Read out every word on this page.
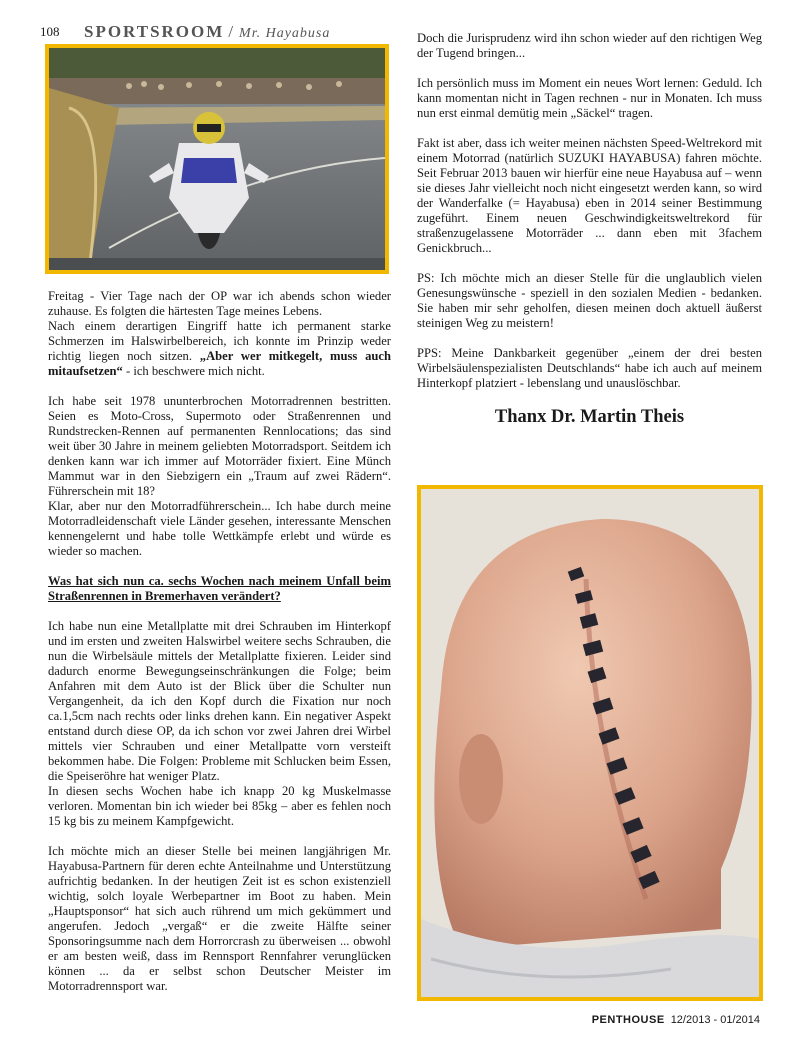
108 SPORTSROOM / Mr. Hayabusa

Freitag - Vier Tage nach der OP war ich abends schon wieder zuhause. Es folgten die härtesten Tage meines Lebens.

Nach einem derartigen Eingriff hatte ich permanent starke Schmerzen im Halswirbelbereich, ich konnte im Prinzip weder richtig liegen noch sitzen. „Aber wer mitkegelt, muss auch mitaufsetzen“ - ich beschwere mich nicht.

Ich habe seit 1978 ununterbrochen Motorradrennen bestritten. Seien es Moto-Cross, Supermoto oder Straßenrennen und Rundstrecken-Rennen auf permanenten Rennlocations; das sind weit über 30 Jahre in meinem geliebten Motorradsport. Seitdem ich denken kann war ich immer auf Motorräder fixiert. Eine Münch Mammut war in den Siebzigern ein „Traum auf zwei Rädern“. Führerschein mit 18?

Klar, aber nur den Motorradführerschein... Ich habe durch meine Motorradleidenschaft viele Länder gesehen, interessante Menschen kennengelernt und habe tolle Wettkämpfe erlebt und würde es wieder so machen.

Was hat sich nun ca. sechs Wochen nach meinem Unfall beim Straßenrennen in Bremerhaven verändert?

Ich habe nun eine Metallplatte mit drei Schrauben im Hinterkopf und im ersten und zweiten Halswirbel weitere sechs Schrauben, die nun die Wirbelsäule mittels der Metallplatte fixieren. Leider sind dadurch enorme Bewegungseinschränkungen die Folge; beim Anfahren mit dem Auto ist der Blick über die Schulter nun Vergangenheit, da ich den Kopf durch die Fixation nur noch ca.1,5cm nach rechts oder links drehen kann. Ein negativer Aspekt entstand durch diese OP, da ich schon vor zwei Jahren drei Wirbel mittels vier Schrauben und einer Metallpatte vorn versteift bekommen habe. Die Folgen: Probleme mit Schlucken beim Essen, die Speiseröhre hat weniger Platz.

In diesen sechs Wochen habe ich knapp 20 kg Muskelmasse verloren. Momentan bin ich wieder bei 85kg – aber es fehlen noch 15 kg bis zu meinem Kampfgewicht.

Ich möchte mich an dieser Stelle bei meinen langjährigen Mr. Hayabusa-Partnern für deren echte Anteilnahme und Unterstützung aufrichtig bedanken. In der heutigen Zeit ist es schon existenziell wichtig, solch loyale Werbepartner im Boot zu haben. Mein „Hauptsponsor“ hat sich auch rührend um mich gekümmert und angerufen. Jedoch „vergaß“ er die zweite Hälfte seiner Sponsoringsumme nach dem Horrorcrash zu überweisen ... obwohl er am besten weiß, dass im Rennsport Rennfahrer verunglücken können ... da er selbst schon Deutscher Meister im Motorradrennsport war.

Doch die Jurisprudenz wird ihn schon wieder auf den richtigen Weg der Tugend bringen...

Ich persönlich muss im Moment ein neues Wort lernen: Geduld. Ich kann momentan nicht in Tagen rechnen - nur in Monaten. Ich muss nun erst einmal demütig mein „Säckel“ tragen.

Fakt ist aber, dass ich weiter meinen nächsten Speed-Weltrekord mit einem Motorrad (natürlich SUZUKI HAYABUSA) fahren möchte. Seit Februar 2013 bauen wir hierfür eine neue Hayabusa auf – wenn sie dieses Jahr vielleicht noch nicht eingesetzt werden kann, so wird der Wanderfalke (= Hayabusa) eben in 2014 seiner Bestimmung zugeführt. Einem neuen Geschwindigkeitsweltrekord für straßenzugelassene Motorräder ... dann eben mit 3fachem Genickbruch...

PS: Ich möchte mich an dieser Stelle für die unglaublich vielen Genesungswünsche - speziell in den sozialen Medien - bedanken. Sie haben mir sehr geholfen, diesen meinen doch aktuell äußerst steinigen Weg zu meistern!

PPS: Meine Dankbarkeit gegenüber „einem der drei besten Wirbelsäulenspezialisten Deutschlands“ habe ich auch auf meinem Hinterkopf platziert - lebenslang und unauslöschbar.

Thanx Dr. Martin Theis
PENTHOUSE 12/2013 - 01/2014
